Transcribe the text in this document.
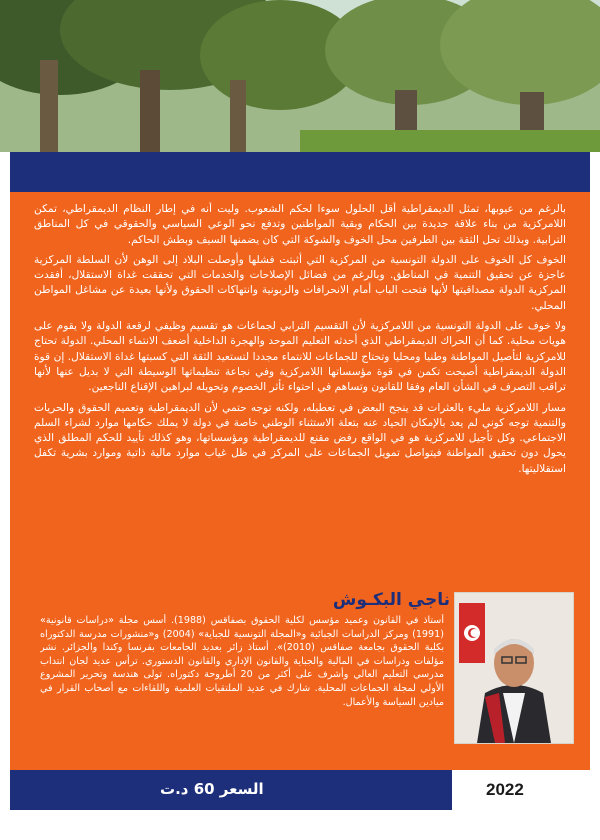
بالرغم من عيوبها، تمثل الديمقراطية أقل الحلول سوءا لحكم الشعوب. وليت أنه في إطار النظام الديمقراطي، تمكن اللامركزية من بناء علاقة جديدة بين الحكام وبقية المواطنين وتدفع نحو الوعي السياسي والحقوقي في كل المناطق الترابية. وبذلك تحل الثقة بين الطرفين محل الخوف والشوكة التي كان يضمنها السيف وبطش الحاكم.

الخوف كل الخوف على الدولة التونسية من المركزية التي أثبتت فشلها وأوصلت البلاد إلى الوهن لأن السلطة المركزية عاجزة عن تحقيق التنمية في المناطق. وبالرغم من فضائل الإصلاحات والخدمات التي تحققت غداة الاستقلال، أفقدت المركزية الدولة مصداقيتها لأنها فتحت الباب أمام الانحرافات والزبونية وانتهاكات الحقوق ولأنها بعيدة عن مشاغل المواطن المحلي.

ولا خوف على الدولة التونسية من اللامركزية لأن التقسيم الترابي لجماعات هو تقسيم وظيفي لرقعة الدولة ولا يقوم على هويات محلية. كما أن الحراك الديمقراطي الذي أحدثه التعليم الموحد والهجرة الداخلية أضعف الانتماء المحلي. الدولة تحتاج للامركزية لتأصيل المواطنة وطنيا ومحليا وتحتاج للجماعات للانتماء مجددا لتستعيد الثقة التي كسبتها غداة الاستقلال. إن قوة الدولة الديمقراطية أصبحت تكمن في قوة مؤسساتها اللامركزية وفي نجاعة تنظيماتها الوسيطة التي لا بديل عنها لأنها تراقب التصرف في الشأن العام وفقا للقانون وتساهم في احتواء تأثر الخصوم وتحويله لبراهين الإقناع الناجعين.

مسار اللامركزية مليء بالعثرات قد ينجح البعض في تعطيله، ولكنه توجه حتمي لأن الديمقراطية وتعميم الحقوق والحريات والتنمية توجه كوني لم يعد بالإمكان الحياد عنه بتعلة الاستثناء الوطني خاصة في دولة لا يملك حكامها موارد لشراء السلم الاجتماعي. وكل تأجيل للامركزية هو في الواقع رفض مقنع للديمقراطية ومؤسساتها، وهو كذلك تأييد للحكم المطلق الذي يحول دون تحقيق المواطنة فيتواصل تمويل الجماعات على المركز في ظل غياب موارد مالية ذاتية وموارد بشرية تكفل استقلاليتها.

ناجي البكـوش
أستاذ في القانون وعميد مؤسس لكلية الحقوق بصفاقس (1988). أسس مجلة «دراسات قانونية» (1991) ومركز الدراسات الجبائية و«المجلة التونسية للجباية» (2004) و«منشورات مدرسة الدكتوراه بكلية الحقوق بجامعة صفاقس (2010)». أستاذ زائر بعديد الجامعات بفرنسا وكندا والجزائر. نشر مؤلفات ودراسات في المالية والجباية والقانون الإداري والقانون الدستوري. ترأس عديد لجان انتداب مدرسي التعليم العالي وأشرف على أكثر من 20 أطروحة دكتوراه. تولى هندسة وتحرير المشروع الأولي لمجلة الجماعات المحلية. شارك في عديد الملتقيات العلمية واللقاءات مع أصحاب القرار في ميادين السياسة والأعمال.
السعر 60 د.ت	2022
